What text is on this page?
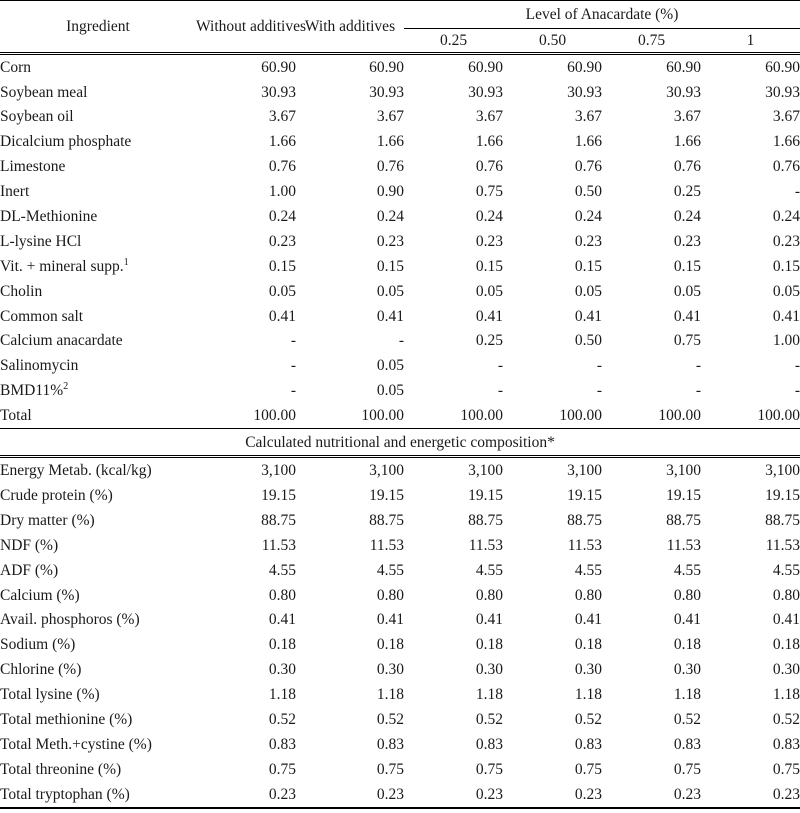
Ingredient	Without additives	With additives	Level of Anacardate (%)			
			0.25	0.50	0.75	1

Corn	60.90	60.90	60.90	60.90	60.90	60.90
Soybean meal	30.93	30.93	30.93	30.93	30.93	30.93
Soybean oil	3.67	3.67	3.67	3.67	3.67	3.67
Dicalcium phosphate	1.66	1.66	1.66	1.66	1.66	1.66
Limestone	0.76	0.76	0.76	0.76	0.76	0.76
Inert	1.00	0.90	0.75	0.50	0.25	-
DL-Methionine	0.24	0.24	0.24	0.24	0.24	0.24
L-lysine HCl	0.23	0.23	0.23	0.23	0.23	0.23
Vit. + mineral supp.$^1$	0.15	0.15	0.15	0.15	0.15	0.15
Cholin	0.05	0.05	0.05	0.05	0.05	0.05
Common salt	0.41	0.41	0.41	0.41	0.41	0.41
Calcium anacardate	-	-	0.25	0.50	0.75	1.00
Salinomycin	-	0.05	-	-	-	-
BMD11%$^2$	-	0.05	-	-	-	-
Total	100.00	100.00	100.00	100.00	100.00	100.00
Calculated nutritional and energetic composition*						
Energy Metab. (kcal/kg)	3,100	3,100	3,100	3,100	3,100	3,100
Crude protein (%)	19.15	19.15	19.15	19.15	19.15	19.15
Dry matter (%)	88.75	88.75	88.75	88.75	88.75	88.75
NDF (%)	11.53	11.53	11.53	11.53	11.53	11.53
ADF (%)	4.55	4.55	4.55	4.55	4.55	4.55
Calcium (%)	0.80	0.80	0.80	0.80	0.80	0.80
Avail. phosphoros (%)	0.41	0.41	0.41	0.41	0.41	0.41
Sodium (%)	0.18	0.18	0.18	0.18	0.18	0.18
Chlorine (%)	0.30	0.30	0.30	0.30	0.30	0.30
Total lysine (%)	1.18	1.18	1.18	1.18	1.18	1.18
Total methionine (%)	0.52	0.52	0.52	0.52	0.52	0.52
Total Meth.+cystine (%)	0.83	0.83	0.83	0.83	0.83	0.83
Total threonine (%)	0.75	0.75	0.75	0.75	0.75	0.75
Total tryptophan (%)	0.23	0.23	0.23	0.23	0.23	0.23
